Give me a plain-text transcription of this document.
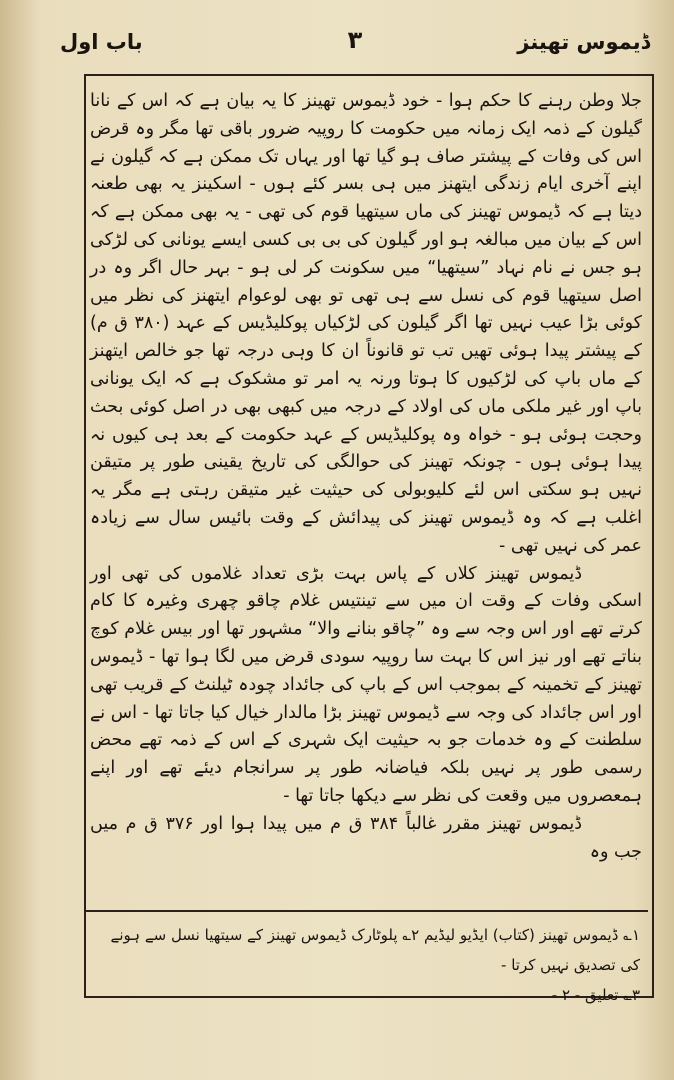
ڈیموس تھینز
۳
باب اول

جلا وطن رہنے کا حکم ہوا - خود ڈیموس تھینز کا یہ بیان ہے کہ اس کے نانا گیلون کے ذمہ ایک زمانہ میں حکومت کا روپیہ ضرور باقی تھا مگر وہ قرض اس کی وفات کے پیشتر صاف ہو گیا تھا اور یہاں تک ممکن ہے کہ گیلون نے اپنے آخری ایام زندگی ایتھنز میں ہی بسر کئے ہوں - اسکینز یہ بھی طعنہ دیتا ہے کہ ڈیموس تھینز کی ماں سیتھیا قوم کی تھی - یہ بھی ممکن ہے کہ اس کے بیان میں مبالغہ ہو اور گیلون کی بی بی کسی ایسے یونانی کی لڑکی ہو جس نے نام نہاد ”سیتھیا“ میں سکونت کر لی ہو - بہر حال اگر وہ در اصل سیتھیا قوم کی نسل سے ہی تھی تو بھی لوعوام ایتھنز کی نظر میں کوئی بڑا عیب نہیں تھا اگر گیلون کی لڑکیاں پوکلیڈیس کے عہد (۳۸۰ ق م) کے پیشتر پیدا ہوئی تھیں تب تو قانوناً ان کا وہی درجہ تھا جو خالص ایتھنز کے ماں باپ کی لڑکیوں کا ہوتا ورنہ یہ امر تو مشکوک ہے کہ ایک یونانی باپ اور غیر ملکی ماں کی اولاد کے درجہ میں کبھی بھی در اصل کوئی بحث وحجت ہوئی ہو - خواہ وہ پوکلیڈیس کے عہد حکومت کے بعد ہی کیوں نہ پیدا ہوئی ہوں - چونکہ تھینز کی حوالگی کی تاریخ یقینی طور پر متیقن نہیں ہو سکتی اس لئے کلیوبولی کی حیثیت غیر متیقن رہتی ہے مگر یہ اغلب ہے کہ وہ ڈیموس تھینز کی پیدائش کے وقت بائیس سال سے زیادہ عمر کی نہیں تھی -

ڈیموس تھینز کلاں کے پاس بہت بڑی تعداد غلاموں کی تھی اور اسکی وفات کے وقت ان میں سے تینتیس غلام چاقو چھری وغیرہ کا کام کرتے تھے اور اس وجہ سے وہ ”چاقو بنانے والا“ مشہور تھا اور بیس غلام کوچ بناتے تھے اور نیز اس کا بہت سا روپیہ سودی قرض میں لگا ہوا تھا - ڈیموس تھینز کے تخمینہ کے بموجب اس کے باپ کی جائداد چودہ ٹیلنٹ کے قریب تھی اور اس جائداد کی وجہ سے ڈیموس تھینز بڑا مالدار خیال کیا جاتا تھا - اس نے سلطنت کے وہ خدمات جو بہ حیثیت ایک شہری کے اس کے ذمہ تھے محض رسمی طور پر نہیں بلکہ فیاضانہ طور پر سرانجام دیئے تھے اور اپنے ہمعصروں میں وقعت کی نظر سے دیکھا جاتا تھا -

ڈیموس تھینز مقرر غالباً ۳۸۴ ق م میں پیدا ہوا اور ۳۷۶ ق م میں جب وہ

۱؎ ڈیموس تھینز (کتاب) ایڈیو لیڈیم ۲؎ پلوٹارک ڈیموس تھینز کے سیتھیا نسل سے ہونے کی تصدیق نہیں کرتا -
۳؎ تعلیق - ۲ -
